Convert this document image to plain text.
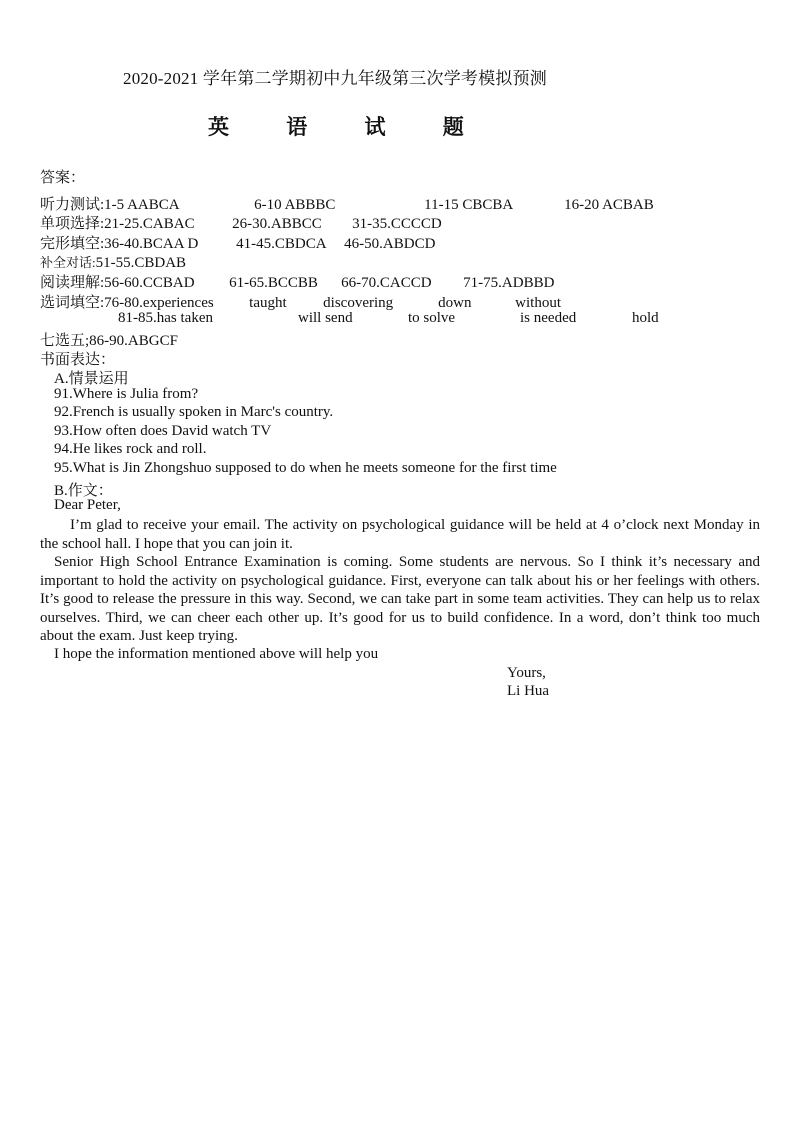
2020-2021 学年第二学期初中九年级第三次学考模拟预测
英 语 试 题
答案：
听力测试:1-5 AABCA	6-10 ABBBC	11-15 CBCBA	16-20 ACBAB
单项选择:21-25.CABAC	26-30.ABBCC 31-35.CCCCD
完形填空:36-40.BCAA D	41-45.CBDCA 46-50.ABDCD
补全对话:51-55.CBDAB
阅读理解:56-60.CCBAD 61-65.BCCBB 66-70.CACCD 71-75.ADBBD
选词填空:76-80.experiences taught discovering	down	without
81-85.has taken	will send	to solve	is needed	hold
七选五;86-90.ABGCF
书面表达：
A.情景运用
91.Where is Julia from?
92.French is usually spoken in Marc's country.
93.How often does David watch TV
94.He likes rock and roll.
95.What is Jin Zhongshuo supposed to do when he meets someone for the first time
B.作文：
Dear Peter,
I’m glad to receive your email. The activity on psychological guidance will be held at 4 o’clock next Monday in the school hall. I hope that you can join it.
Senior High School Entrance Examination is coming. Some students are nervous. So I think it’s necessary and important to hold the activity on psychological guidance. First, everyone can talk about his or her feelings with others. It’s good to release the pressure in this way. Second, we can take part in some team activities. They can help us to relax ourselves. Third, we can cheer each other up. It’s good for us to build confidence. In a word, don’t think too much about the exam. Just keep trying.
I hope the information mentioned above will help you
Yours,
Li Hua
